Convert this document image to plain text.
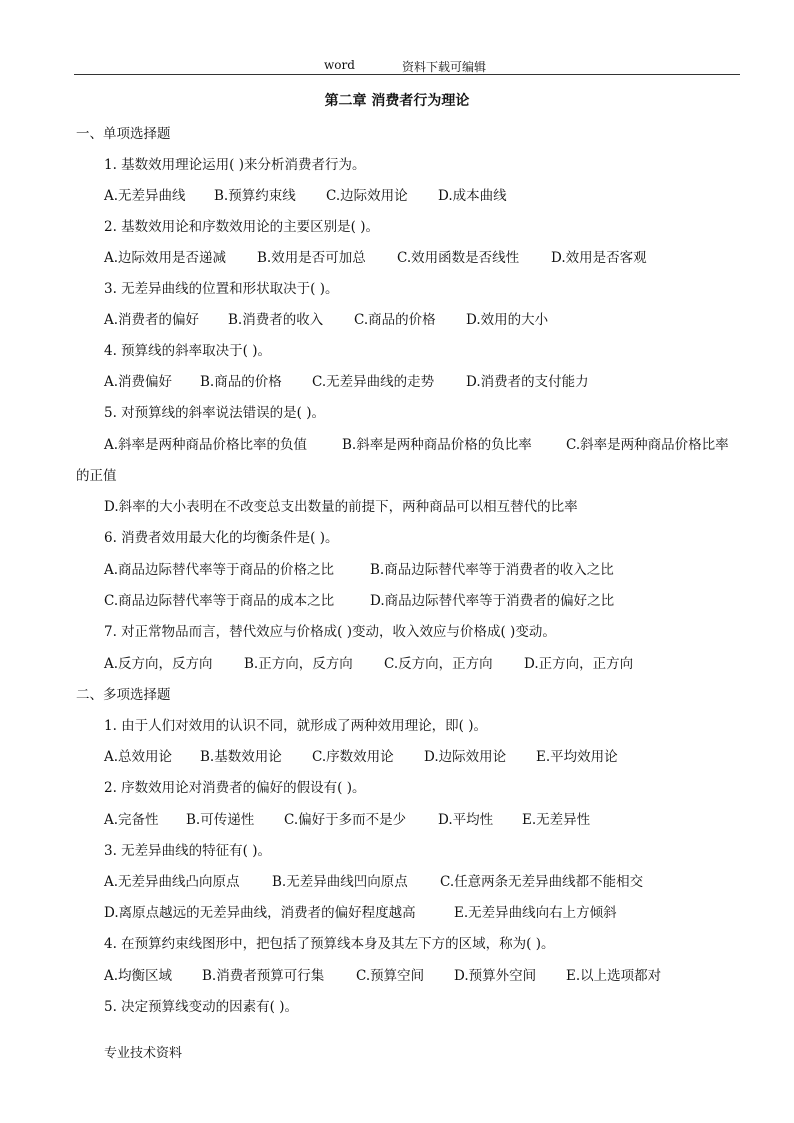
word	资料下载可编辑
第二章 消费者行为理论
一、单项选择题
1. 基数效用理论运用( )来分析消费者行为。
A.无差异曲线 B.预算约束线 C.边际效用论 D.成本曲线
2. 基数效用论和序数效用论的主要区别是( )。
A.边际效用是否递减 B.效用是否可加总 C.效用函数是否线性 D.效用是否客观
3. 无差异曲线的位置和形状取决于( )。
A.消费者的偏好 B.消费者的收入 C.商品的价格 D.效用的大小
4. 预算线的斜率取决于( )。
A.消费偏好 B.商品的价格 C.无差异曲线的走势 D.消费者的支付能力
5. 对预算线的斜率说法错误的是( )。
A.斜率是两种商品价格比率的负值	B.斜率是两种商品价格的负比率	C.斜率是两种商品价格比率
的正值
D.斜率的大小表明在不改变总支出数量的前提下，两种商品可以相互替代的比率
6. 消费者效用最大化的均衡条件是( )。
A.商品边际替代率等于商品的价格之比	B.商品边际替代率等于消费者的收入之比
C.商品边际替代率等于商品的成本之比	D.商品边际替代率等于消费者的偏好之比
7. 对正常物品而言，替代效应与价格成( )变动，收入效应与价格成( )变动。
A.反方向，反方向 B.正方向，反方向 C.反方向，正方向 D.正方向，正方向
二、多项选择题
1. 由于人们对效用的认识不同，就形成了两种效用理论，即( )。
A.总效用论 B.基数效用论 C.序数效用论 D.边际效用论 E.平均效用论
2. 序数效用论对消费者的偏好的假设有( )。
A.完备性 B.可传递性 C.偏好于多而不是少 D.平均性 E.无差异性
3. 无差异曲线的特征有( )。
A.无差异曲线凸向原点 B.无差异曲线凹向原点 C.任意两条无差异曲线都不能相交
D.离原点越远的无差异曲线，消费者的偏好程度越高	E.无差异曲线向右上方倾斜
4. 在预算约束线图形中，把包括了预算线本身及其左下方的区域，称为( )。
A.均衡区域 B.消费者预算可行集 C.预算空间 D.预算外空间 E.以上选项都对
5. 决定预算线变动的因素有( )。
专业技术资料
